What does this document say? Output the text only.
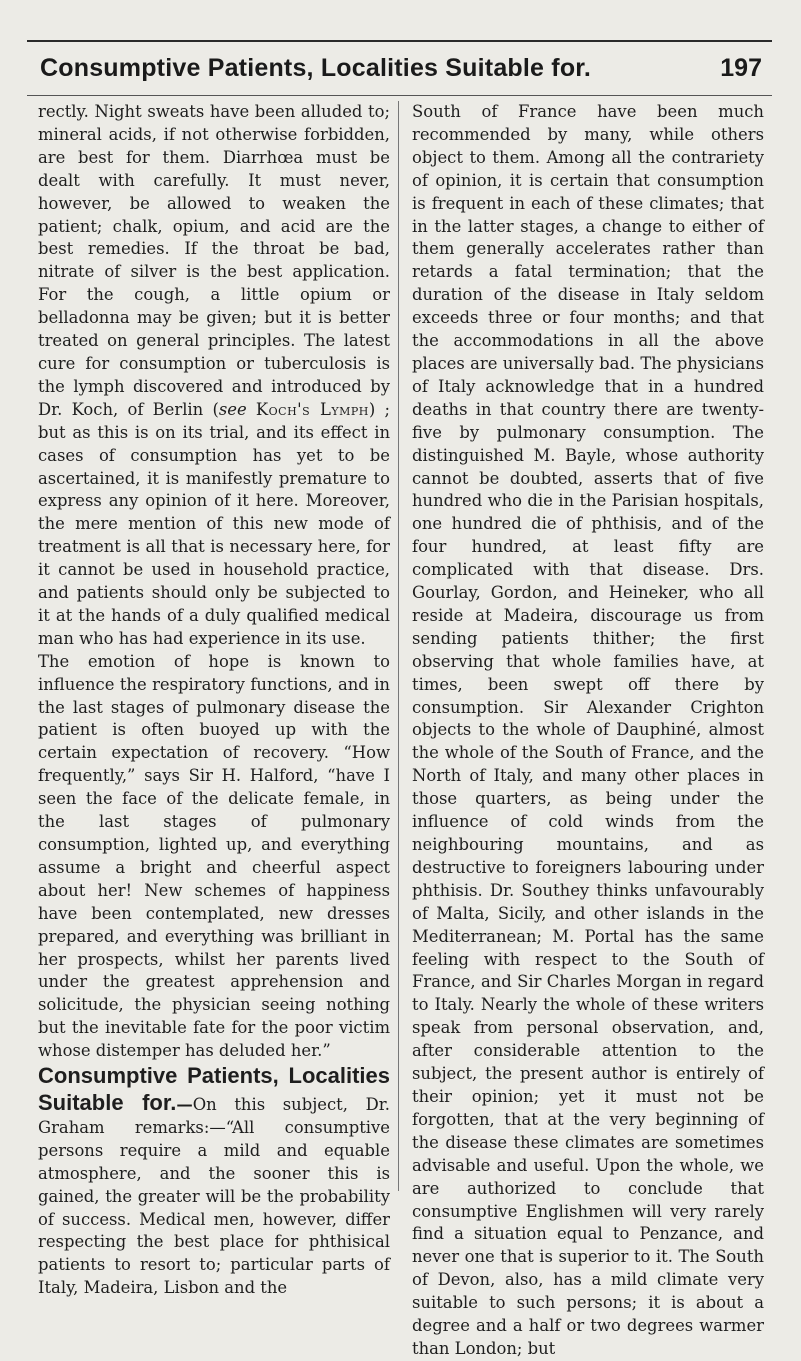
Consumptive Patients, Localities Suitable for.	197

rectly. Night sweats have been alluded to; mineral acids, if not otherwise forbidden, are best for them. Diarrhœa must be dealt with carefully. It must never, however, be allowed to weaken the patient; chalk, opium, and acid are the best remedies. If the throat be bad, nitrate of silver is the best application. For the cough, a little opium or belladonna may be given; but it is better treated on general principles. The latest cure for consumption or tuberculosis is the lymph discovered and introduced by Dr. Koch, of Berlin (see Koch's Lymph) ; but as this is on its trial, and its effect in cases of consumption has yet to be ascertained, it is manifestly premature to express any opinion of it here. Moreover, the mere mention of this new mode of treatment is all that is necessary here, for it cannot be used in household practice, and patients should only be subjected to it at the hands of a duly qualified medical man who has had experience in its use.

The emotion of hope is known to influence the respiratory functions, and in the last stages of pulmonary disease the patient is often buoyed up with the certain expectation of recovery. “How frequently,” says Sir H. Halford, “have I seen the face of the delicate female, in the last stages of pulmonary consumption, lighted up, and everything assume a bright and cheerful aspect about her! New schemes of happiness have been contemplated, new dresses prepared, and everything was brilliant in her prospects, whilst her parents lived under the greatest apprehension and solicitude, the physician seeing nothing but the inevitable fate for the poor victim whose distemper has deluded her.”

Consumptive Patients, Localities Suitable for.—On this subject, Dr. Graham remarks:—“All consumptive persons require a mild and equable atmosphere, and the sooner this is gained, the greater will be the probability of success. Medical men, however, differ respecting the best place for phthisical patients to resort to; particular parts of Italy, Madeira, Lisbon and the

South of France have been much recommended by many, while others object to them. Among all the contrariety of opinion, it is certain that consumption is frequent in each of these climates; that in the latter stages, a change to either of them generally accelerates rather than retards a fatal termination; that the duration of the disease in Italy seldom exceeds three or four months; and that the accommodations in all the above places are universally bad. The physicians of Italy acknowledge that in a hundred deaths in that country there are twenty-five by pulmonary consumption. The distinguished M. Bayle, whose authority cannot be doubted, asserts that of five hundred who die in the Parisian hospitals, one hundred die of phthisis, and of the four hundred, at least fifty are complicated with that disease. Drs. Gourlay, Gordon, and Heineker, who all reside at Madeira, discourage us from sending patients thither; the first observing that whole families have, at times, been swept off there by consumption. Sir Alexander Crighton objects to the whole of Dauphiné, almost the whole of the South of France, and the North of Italy, and many other places in those quarters, as being under the influence of cold winds from the neighbouring mountains, and as destructive to foreigners labouring under phthisis. Dr. Southey thinks unfavourably of Malta, Sicily, and other islands in the Mediterranean; M. Portal has the same feeling with respect to the South of France, and Sir Charles Morgan in regard to Italy. Nearly the whole of these writers speak from personal observation, and, after considerable attention to the subject, the present author is entirely of their opinion; yet it must not be forgotten, that at the very beginning of the disease these climates are sometimes advisable and useful. Upon the whole, we are authorized to conclude that consumptive Englishmen will very rarely find a situation equal to Penzance, and never one that is superior to it. The South of Devon, also, has a mild climate very suitable to such persons; it is about a degree and a half or two degrees warmer than London; but
